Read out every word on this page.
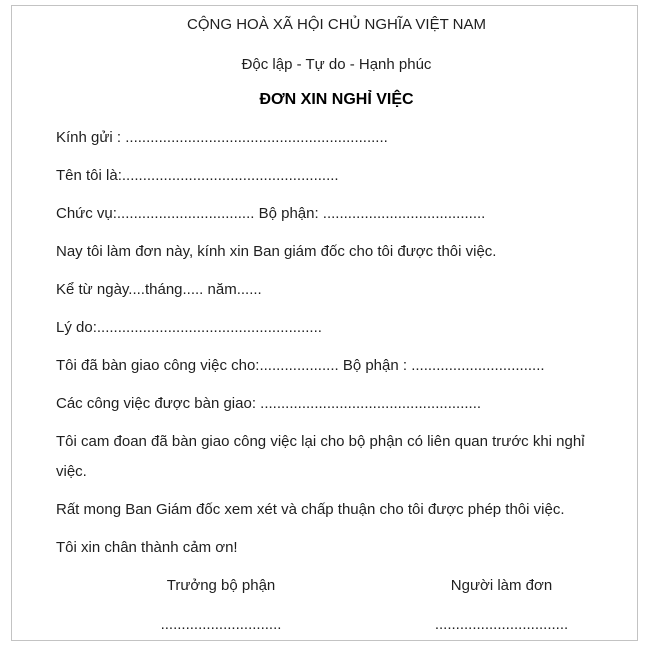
CỘNG HOÀ XÃ HỘI CHỦ NGHĨA VIỆT NAM
Độc lập - Tự do - Hạnh phúc
ĐƠN XIN NGHỈ VIỆC

Kính gửi : ...............................................................

Tên tôi là:....................................................

Chức vụ:................................. Bộ phận: .......................................

Nay tôi làm đơn này, kính xin Ban giám đốc cho tôi được thôi việc.

Kể từ ngày....tháng..... năm......

Lý do:......................................................

Tôi đã bàn giao công việc cho:................... Bộ phận : ................................

Các công việc được bàn giao: .....................................................

Tôi cam đoan đã bàn giao công việc lại cho bộ phận có liên quan trước khi nghỉ việc.

Rất mong Ban Giám đốc xem xét và chấp thuận cho tôi được phép thôi việc.

Tôi xin chân thành cảm ơn!

Trưởng bộ phận	Người làm đơn
.............................	................................
